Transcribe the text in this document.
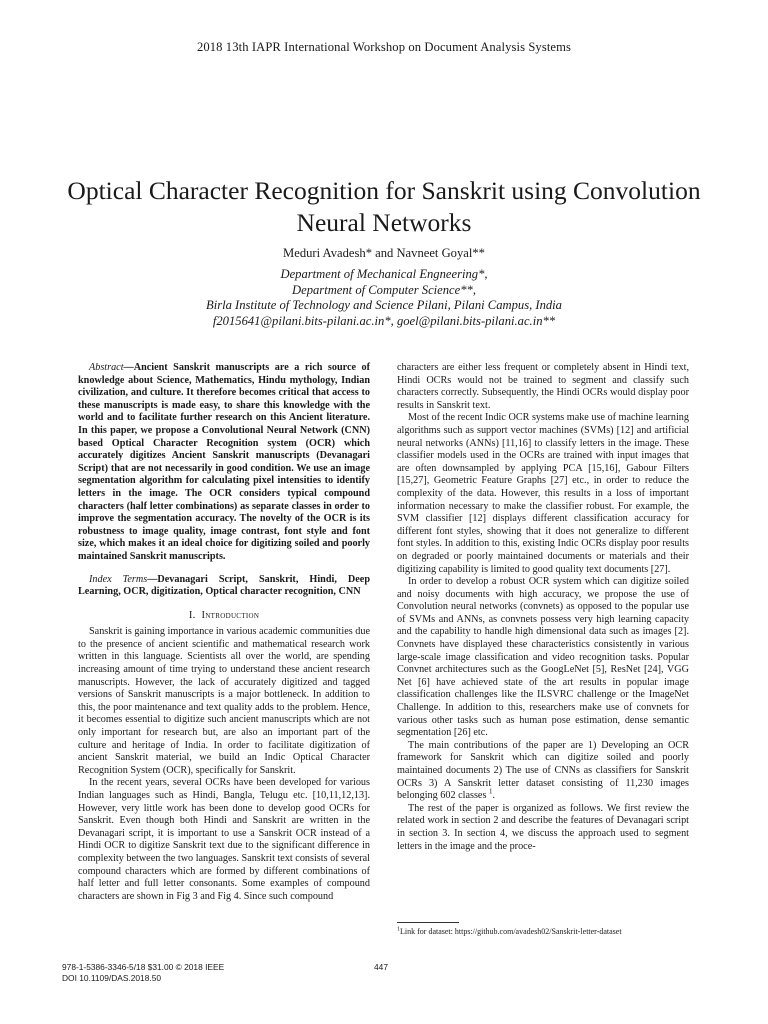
2018 13th IAPR International Workshop on Document Analysis Systems
Optical Character Recognition for Sanskrit using Convolution Neural Networks
Meduri Avadesh* and Navneet Goyal**
Department of Mechanical Engneering*,
Department of Computer Science**,
Birla Institute of Technology and Science Pilani, Pilani Campus, India
f2015641@pilani.bits-pilani.ac.in*, goel@pilani.bits-pilani.ac.in**

Abstract—Ancient Sanskrit manuscripts are a rich source of knowledge about Science, Mathematics, Hindu mythology, Indian civilization, and culture. It therefore becomes critical that access to these manuscripts is made easy, to share this knowledge with the world and to facilitate further research on this Ancient literature. In this paper, we propose a Convolutional Neural Network (CNN) based Optical Character Recognition system (OCR) which accurately digitizes Ancient Sanskrit manuscripts (Devanagari Script) that are not necessarily in good condition. We use an image segmentation algorithm for calculating pixel intensities to identify letters in the image. The OCR considers typical compound characters (half letter combinations) as separate classes in order to improve the segmentation accuracy. The novelty of the OCR is its robustness to image quality, image contrast, font style and font size, which makes it an ideal choice for digitizing soiled and poorly maintained Sanskrit manuscripts.

Index Terms—Devanagari Script, Sanskrit, Hindi, Deep Learning, OCR, digitization, Optical character recognition, CNN

I. Introduction

Sanskrit is gaining importance in various academic communities due to the presence of ancient scientific and mathematical research work written in this language. Scientists all over the world, are spending increasing amount of time trying to understand these ancient research manuscripts. However, the lack of accurately digitized and tagged versions of Sanskrit manuscripts is a major bottleneck. In addition to this, the poor maintenance and text quality adds to the problem. Hence, it becomes essential to digitize such ancient manuscripts which are not only important for research but, are also an important part of the culture and heritage of India. In order to facilitate digitization of ancient Sanskrit material, we build an Indic Optical Character Recognition System (OCR), specifically for Sanskrit.

In the recent years, several OCRs have been developed for various Indian languages such as Hindi, Bangla, Telugu etc. [10,11,12,13]. However, very little work has been done to develop good OCRs for Sanskrit. Even though both Hindi and Sanskrit are written in the Devanagari script, it is important to use a Sanskrit OCR instead of a Hindi OCR to digitize Sanskrit text due to the significant difference in complexity between the two languages. Sanskrit text consists of several compound characters which are formed by different combinations of half letter and full letter consonants. Some examples of compound characters are shown in Fig 3 and Fig 4. Since such compound

characters are either less frequent or completely absent in Hindi text, Hindi OCRs would not be trained to segment and classify such characters correctly. Subsequently, the Hindi OCRs would display poor results in Sanskrit text.

Most of the recent Indic OCR systems make use of machine learning algorithms such as support vector machines (SVMs) [12] and artificial neural networks (ANNs) [11,16] to classify letters in the image. These classifier models used in the OCRs are trained with input images that are often downsampled by applying PCA [15,16], Gabour Filters [15,27], Geometric Feature Graphs [27] etc., in order to reduce the complexity of the data. However, this results in a loss of important information necessary to make the classifier robust. For example, the SVM classifier [12] displays different classification accuracy for different font styles, showing that it does not generalize to different font styles. In addition to this, existing Indic OCRs display poor results on degraded or poorly maintained documents or materials and their digitizing capability is limited to good quality text documents [27].

In order to develop a robust OCR system which can digitize soiled and noisy documents with high accuracy, we propose the use of Convolution neural networks (convnets) as opposed to the popular use of SVMs and ANNs, as convnets possess very high learning capacity and the capability to handle high dimensional data such as images [2]. Convnets have displayed these characteristics consistently in various large-scale image classification and video recognition tasks. Popular Convnet architectures such as the GoogLeNet [5], ResNet [24], VGG Net [6] have achieved state of the art results in popular image classification challenges like the ILSVRC challenge or the ImageNet Challenge. In addition to this, researchers make use of convnets for various other tasks such as human pose estimation, dense semantic segmentation [26] etc.

The main contributions of the paper are 1) Developing an OCR framework for Sanskrit which can digitize soiled and poorly maintained documents 2) The use of CNNs as classifiers for Sanskrit OCRs 3) A Sanskrit letter dataset consisting of 11,230 images belonging 602 classes $^1$.

The rest of the paper is organized as follows. We first review the related work in section 2 and describe the features of Devanagari script in section 3. In section 4, we discuss the approach used to segment letters in the image and the proce-

$^1$Link for dataset: https://github.com/avadesh02/Sanskrit-letter-dataset
978-1-5386-3346-5/18 $31.00 © 2018 IEEE
DOI 10.1109/DAS.2018.50
447
